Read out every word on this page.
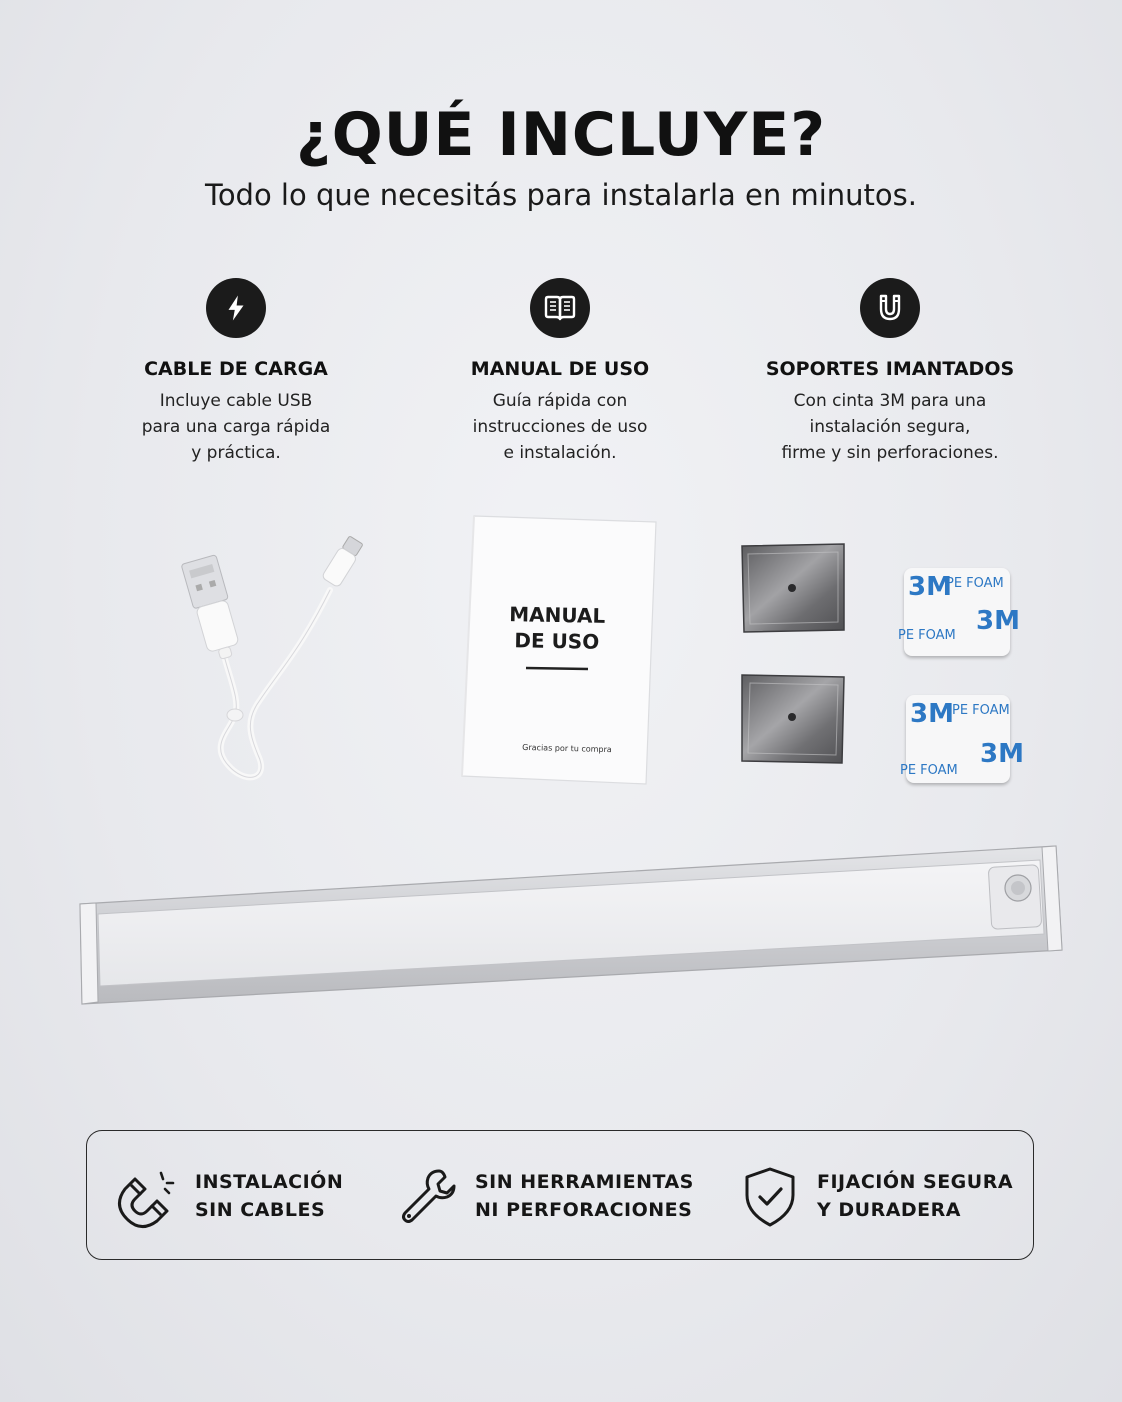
¿QUÉ INCLUYE?
Todo lo que necesitás para instalarla en minutos.
CABLE DE CARGA
Incluye cable USB
para una carga rápida
y práctica.
MANUAL DE USO
Guía rápida con
instrucciones de uso
e instalación.
SOPORTES IMANTADOS
Con cinta 3M para una
instalación segura,
firme y sin perforaciones.
MANUAL
DE USO
Gracias por tu compra
3M
PE FOAM
PE FOAM 3M
3M
PE FOAM
PE FOAM
3M
INSTALACIÓN
SIN CABLES
SIN HERRAMIENTAS
NI PERFORACIONES
FIJACIÓN SEGURA
Y DURADERA
